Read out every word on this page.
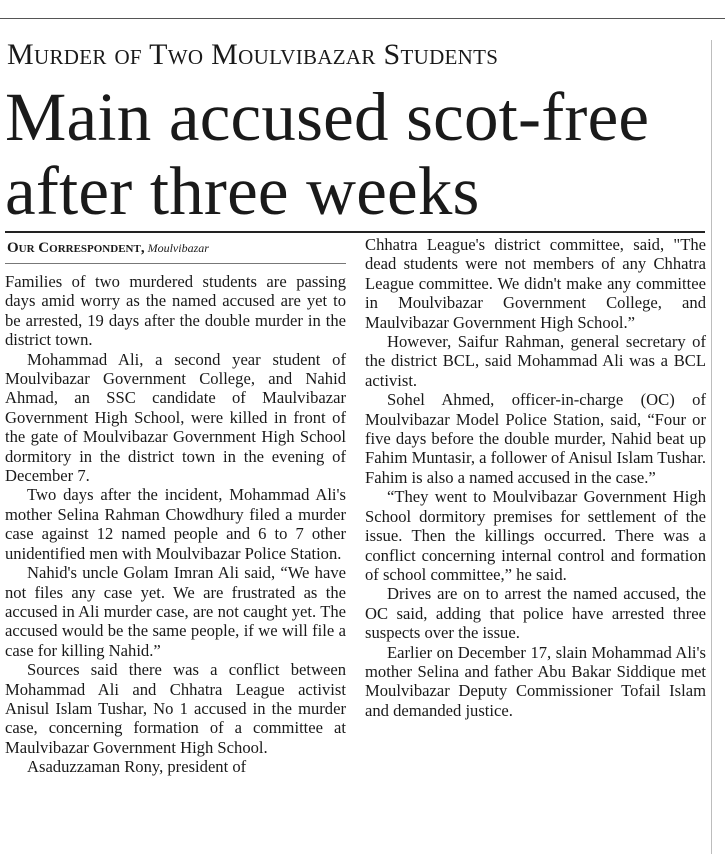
Murder of Two Moulvibazar Students
Main accused scot-free after three weeks
Our Correspondent, Moulvibazar

Families of two murdered students are passing days amid worry as the named accused are yet to be arrested, 19 days after the double murder in the district town.

Mohammad Ali, a second year student of Moulvibazar Government College, and Nahid Ahmad, an SSC candidate of Maulvibazar Government High School, were killed in front of the gate of Moulvibazar Government High School dormitory in the district town in the evening of December 7.

Two days after the incident, Mohammad Ali's mother Selina Rahman Chowdhury filed a murder case against 12 named people and 6 to 7 other unidentified men with Moulvibazar Police Station.

Nahid's uncle Golam Imran Ali said, “We have not files any case yet. We are frustrated as the accused in Ali murder case, are not caught yet. The accused would be the same people, if we will file a case for killing Nahid.”

Sources said there was a conflict between Mohammad Ali and Chhatra League activist Anisul Islam Tushar, No 1 accused in the murder case, concerning formation of a committee at Maulvibazar Government High School.

Asaduzzaman Rony, president of

Chhatra League's district committee, said, "The dead students were not members of any Chhatra League committee. We didn't make any committee in Moulvibazar Government College, and Maulvibazar Government High School.”

However, Saifur Rahman, general secretary of the district BCL, said Mohammad Ali was a BCL activist.

Sohel Ahmed, officer-in-charge (OC) of Moulvibazar Model Police Station, said, “Four or five days before the double murder, Nahid beat up Fahim Muntasir, a follower of Anisul Islam Tushar. Fahim is also a named accused in the case.”

“They went to Moulvibazar Government High School dormitory premises for settlement of the issue. Then the killings occurred. There was a conflict concerning internal control and formation of school committee,” he said.

Drives are on to arrest the named accused, the OC said, adding that police have arrested three suspects over the issue.

Earlier on December 17, slain Mohammad Ali's mother Selina and father Abu Bakar Siddique met Moulvibazar Deputy Commissioner Tofail Islam and demanded justice.
